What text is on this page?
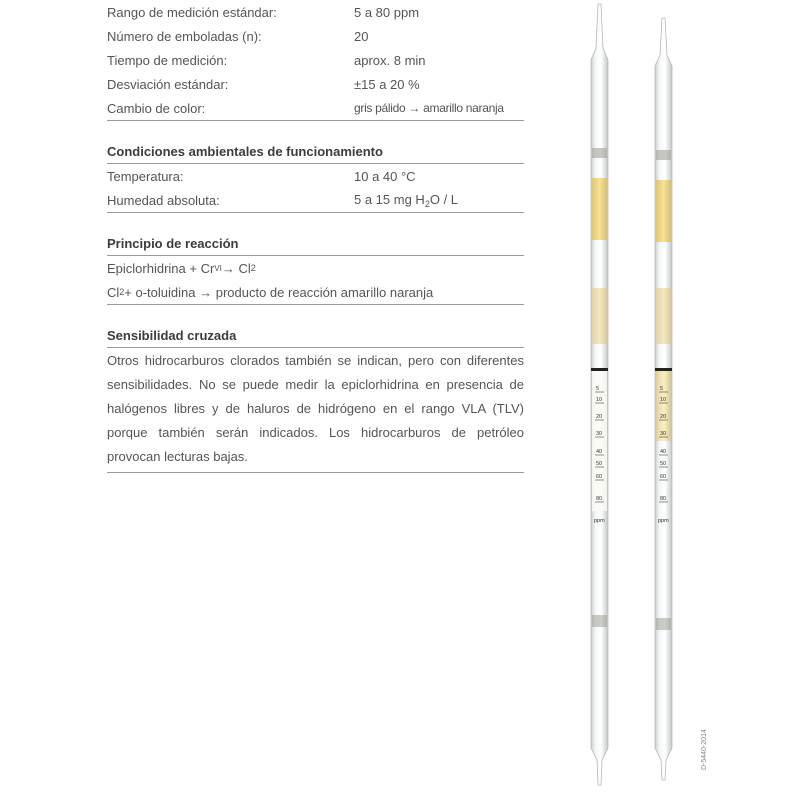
Rango de medición estándar:	5 a 80 ppm
Número de emboladas (n):	20
Tiempo de medición:	aprox. 8 min
Desviación estándar:	±15 a 20 %
Cambio de color:	gris pálido → amarillo naranja
Condiciones ambientales de funcionamiento
Temperatura:	10 a 40 °C
Humedad absoluta:	5 a 15 mg $H_2O$ / L
Principio de reacción
Epiclorhidrina + Cr VI → Cl 2
Cl 2 + o-toluidina → producto de reacción amarillo naranja
Sensibilidad cruzada
Otros hidrocarburos clorados también se indican, pero con diferentes sensibilidades. No se puede medir la epiclorhidrina en presencia de halógenos libres y de haluros de hidrógeno en el rango VLA (TLV) porque también serán indicados. Los hidrocarburos de petróleo provocan lecturas bajas.
5
10
20
30
40
50
60
80
ppm
5
10
20
30
40
50
60
80
ppm
D-5440-2014
